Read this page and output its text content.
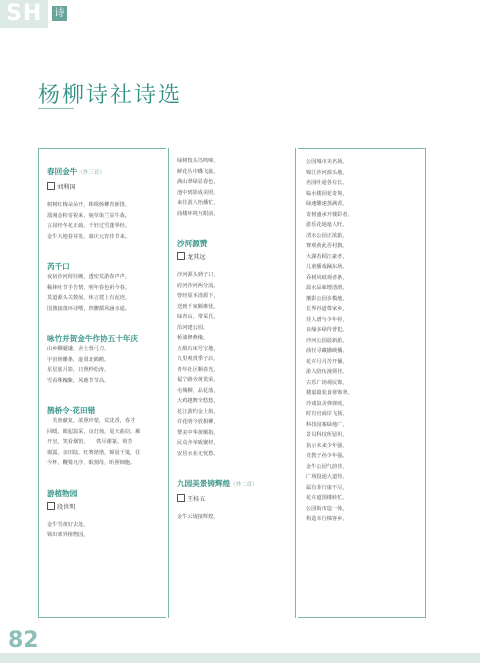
SH 诗
杨柳诗社诗选
春回金牛（外三首）
刘利国
树树红梅朵朵开，株株杨柳青新排。
溜漫金粉寄祝来，貌草染兰显牛栽。
言屈经冬花正疏，千轩过雪蓬界经。
金牛大地春芽发，幕庆元宵佳节来。
芮千口
夜宿沙河荷径碗，透密荒游春声声。
稀林吐节手告情，明年春色祈今春。
莫道源头关数展，休言建上有泥迹。
国旗接落环诗嗜，四腰循风涵水通。
咏竹并贺金牛作协五十年庆
山乡聊避谦，舍士蓉弓刀。
宇宙傍雕条，虚贤北鹤鹅。
星星筋月影，日照秒松涛。
雪看殊槐紫，风鹿节节高。
鹊桥令·花田错
　芙蓉献复，浓照珍蒙，荒沈香，春才
回暖。眼起温采，良灯烛，夏天曲窃。雁
开皇，笑看烟馆，　　铁尽谢篆。荷芳
谢露，亲田陆，红赛谐谐，锦晨千笺，往
今杯，鞭猗凡序，眠割母，昕照细胞。
游植物园
段世明
金牛雪黄好去处，
锁出郊外植物园。
绿树枝头鸟鸣啼，
鲜花丛中蝶飞旋。
满山翠绿显春色，
池中到影成美照。
来往游人怡播忙，
曲楼环境互眼前。
沙河源赞
龙其远
沙河源头到子口，
府河沙河两分流。
曾经原本清源下，
送到千家额难忧。
绿青山，带采氏，
沿河建公园，
桥油修燕缘。
五级石床号宝地，
九里观赏季子店。
青年社区颗春光，
福宁路旁黄贯荣。
屯城柳，品花落，
大鸡越舞全悠悠。
花江游钓金上街，
许花明今放相柳，
赞美中华黄顺指。
民众齐举致聚材，
安居水业无忧愁。
九园美景铸辉煌（外二首）
王桂五
金牛云垅接辉煌，
公园城市美名扬。
锦江沙河源头地，
名园吐通各有长。
临水楼园花奇境，
绿速雕速蒸满香。
奇树盛承开楼彩者，
游乐花地毫人旺。
清水公园正浓旅，
赛观黄此否村旗。
大湖若顾江豪孝，
儿童播戏踊东场。
乔树风纸观者条，
温水品味增清滑。
攘影公园多模地，
长界谷道尊家乡。
佳人谱与少年停，
良缘多绿待普犯。
沙河公园晨新旅，
曲径寻藏播映播。
花卉月月苦开播，
游人陪伍漫领佳。
古乐广场观民饰，
楼嘉篇装食蒂饰翠。
玲戏泉舍弹弹疫，
时有官商岸飞扬。
科技园案绿地广，
景员科技所留坦。
执示未来少年强，
竞教子孙少年强。
金牛公园气韵佳，
广场投通大道待。
属有菲行康不尽，
花卉道围楼转忙。
公园街市造一体，
构造幸行梯客乡。
82
